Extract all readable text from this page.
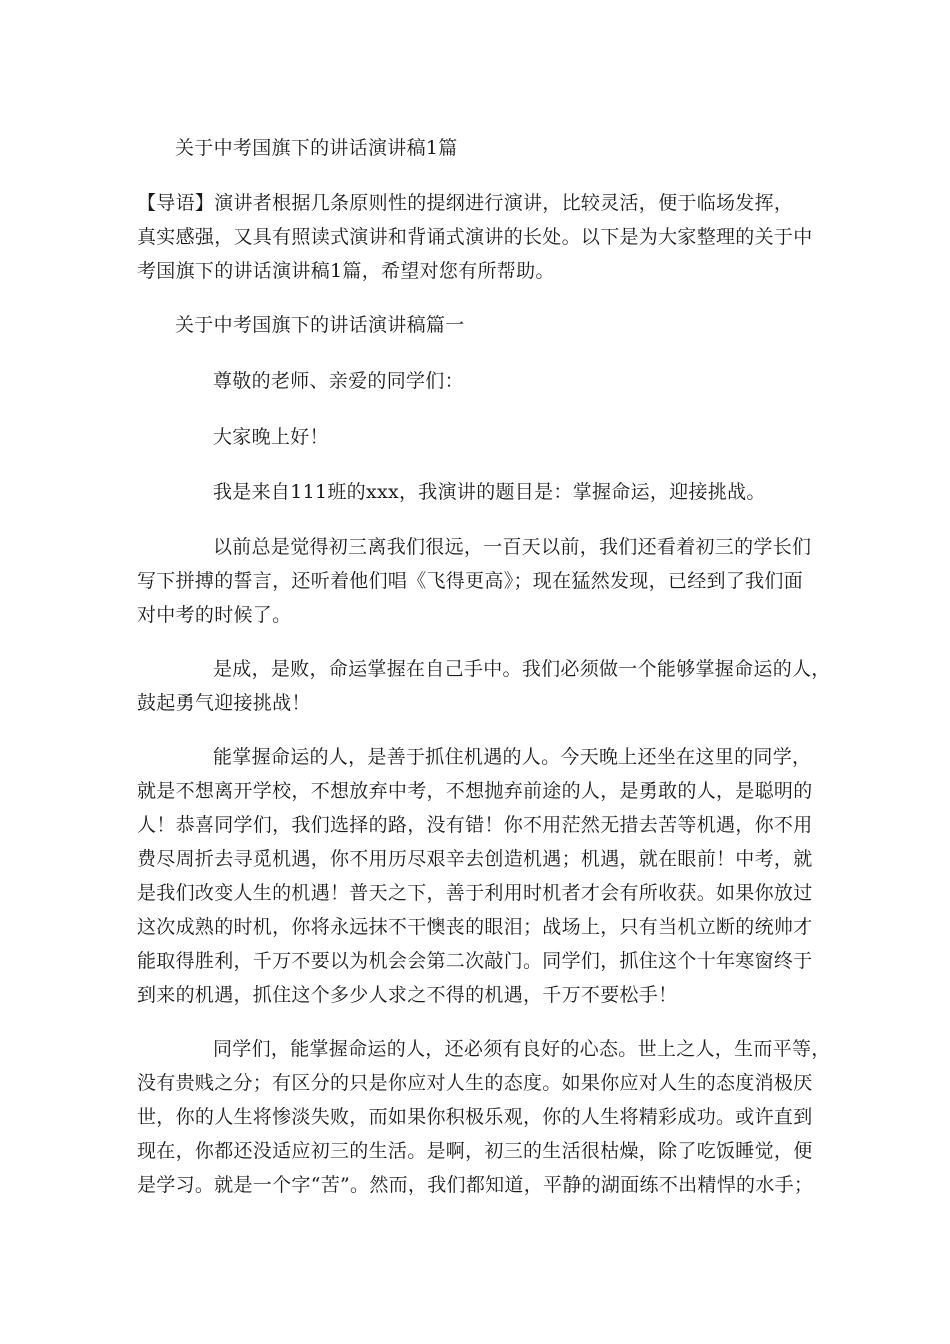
关于中考国旗下的讲话演讲稿1篇
【导语】演讲者根据几条原则性的提纲进行演讲，比较灵活，便于临场发挥，
真实感强，又具有照读式演讲和背诵式演讲的长处。以下是为大家整理的关于中
考国旗下的讲话演讲稿1篇，希望对您有所帮助。
关于中考国旗下的讲话演讲稿篇一
尊敬的老师、亲爱的同学们：
大家晚上好！
我是来自111班的xxx，我演讲的题目是：掌握命运，迎接挑战。
以前总是觉得初三离我们很远，一百天以前，我们还看着初三的学长们
写下拼搏的誓言，还听着他们唱《飞得更高》；现在猛然发现，已经到了我们面
对中考的时候了。
是成，是败，命运掌握在自己手中。我们必须做一个能够掌握命运的人，
鼓起勇气迎接挑战！
能掌握命运的人，是善于抓住机遇的人。今天晚上还坐在这里的同学，
就是不想离开学校，不想放弃中考，不想抛弃前途的人，是勇敢的人，是聪明的
人！恭喜同学们，我们选择的路，没有错！你不用茫然无措去苦等机遇，你不用
费尽周折去寻觅机遇，你不用历尽艰辛去创造机遇；机遇，就在眼前！中考，就
是我们改变人生的机遇！普天之下，善于利用时机者才会有所收获。如果你放过
这次成熟的时机，你将永远抹不干懊丧的眼泪；战场上，只有当机立断的统帅才
能取得胜利，千万不要以为机会会第二次敲门。同学们，抓住这个十年寒窗终于
到来的机遇，抓住这个多少人求之不得的机遇，千万不要松手！
同学们，能掌握命运的人，还必须有良好的心态。世上之人，生而平等，
没有贵贱之分；有区分的只是你应对人生的态度。如果你应对人生的态度消极厌
世，你的人生将惨淡失败，而如果你积极乐观，你的人生将精彩成功。或许直到
现在，你都还没适应初三的生活。是啊，初三的生活很枯燥，除了吃饭睡觉，便
是学习。就是一个字“苦”。然而，我们都知道，平静的湖面练不出精悍的水手；
